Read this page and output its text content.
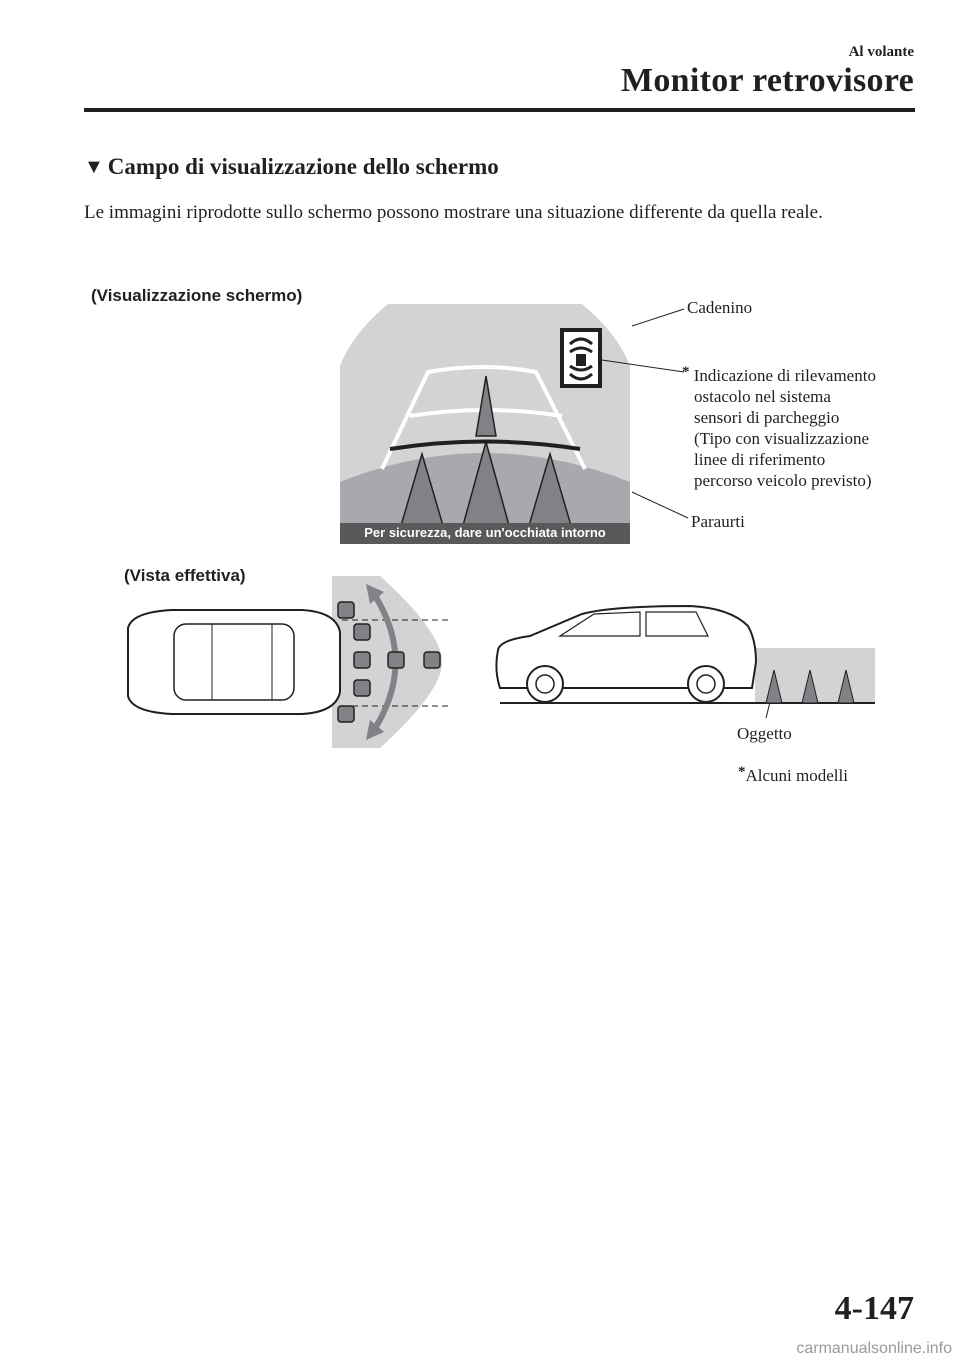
Al volante
Monitor retrovisore
▼ Campo di visualizzazione dello schermo
Le immagini riprodotte sullo schermo possono mostrare una situazione differente da quella reale.
(Visualizzazione schermo)
(Vista effettiva)
Per sicurezza, dare un'occhiata intorno
Cadenino
* Indicazione di rilevamento
ostacolo nel sistema
sensori di parcheggio
(Tipo con visualizzazione
linee di riferimento
percorso veicolo previsto)
Paraurti
Oggetto
*Alcuni modelli
4-147
carmanualsonline.info
